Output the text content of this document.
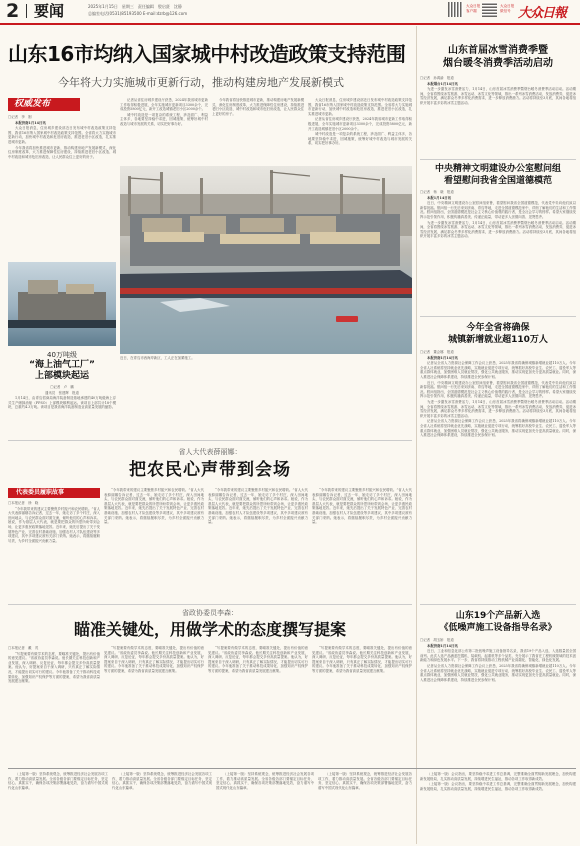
2 要闻	2025年1月15日　星期三　责任编辑　殷启贤　沈静
总编室电话(0531)85193500 E-mail:dzrb@126.com
大众日报
客户端
大众日报
微信号 大众日報
山东16市均纳入国家城中村改造政策支持范围
今年将大力实施城市更新行动，推动构建房地产发展新模式
权威发布

□记者　李　刚

本报济南1月14日讯

大众日报消息，住房城乡建设部近日发布城中村改造政策支持范围，我省16市纳入国家城中村改造政策支持范围。全省将大力实施城市更新行动，加快城中村改造和危旧房改造，推进老旧小区改造，扎实推进城市更新。

今年我省将加快推进城市更新，推动构建房地产发展新模式，深化住房制度改革，大力推进保障性住房建设，持续推进老旧小区改造、城中村改造和城市危旧房改造，让人民群众住上更好的房子。

记者从省住房城乡建设厅获悉，2024年我省城市更新工作取得积极进展，全年实施城市更新项目3300余个，完成投资5800亿元，新开工改造城镇老旧小区2000余个。

城中村改造是一项复杂的系统工程，涉及面广、利益主体多，各地要坚持稳中求进，因城施策，统筹好城中村改造与城市发展的关系，切实把好事办好。

今年我省将加快推进城市更新，推动构建房地产发展新模式，深化住房制度改革，大力推进保障性住房建设，持续推进老旧小区改造、城中村改造和城市危旧房改造，让人民群众住上更好的房子。

大众日报消息，住房城乡建设部近日发布城中村改造政策支持范围，我省16市纳入国家城中村改造政策支持范围。全省将大力实施城市更新行动，加快城中村改造和危旧房改造，推进老旧小区改造，扎实推进城市更新。

记者从省住房城乡建设厅获悉，2024年我省城市更新工作取得积极进展，全年实施城市更新项目3300余个，完成投资5800亿元，新开工改造城镇老旧小区2000余个。

城中村改造是一项复杂的系统工程，涉及面广、利益主体多，各地要坚持稳中求进，因城施策，统筹好城中村改造与城市发展的关系，切实把好事办好。

近日，在青岛市西海岸新区，工人正在加紧施工。
40万吨级
“海上油气工厂”
上部模块起运

□记者　卢　鹏

通讯员　张建辉　报道

1月14日，由青岛招商局海洋装备制造基地承建的40万吨级海上浮式生产储卸油船（FPSO）上部模块顺利起运。该项目上部共计18个模块，总重约4.3万吨。该项目是我省海洋装备制造业高质量发展的缩影。

山东首届冰雪消费季暨
烟台暖冬消费季活动启动

□记者　孙鸿渝　报道

本报烟台1月14日讯

为进一步激发冰雪消费活力，1月14日，山东首届冰雪消费季暨烟台暖冬消费季活动启动。活动期间，全省将围绕冰雪旅游、冰雪运动、冰雪文化等领域，推出一系列冰雪消费活动，发放消费券，促进冰雪经济发展，满足群众冬季多样化消费需求，进一步释放消费潜力。活动将持续至3月底，其间各地将组织开展丰富多彩的冰雪主题活动。

中央精神文明建设办公室慰问组
看望慰问我省全国道德模范

□记者　杨　晓　报道

本报1月14日讯

近日，中央精神文明建设办公室慰问组来鲁，看望慰问我省全国道德模范，代表党中央向他们致以新春祝福。慰问组一行先后来到济南、青岛等地，走进全国道德模范家中，详细了解他们的生活和工作情况。慰问组指出，全国道德模范是社会主义核心价值观的践行者，是全社会学习的榜样。希望大家继续发挥示范引领作用，积极传播真善美、传递正能量，带动更多人崇德向善、见贤思齐。

为进一步激发冰雪消费活力，1月14日，山东首届冰雪消费季暨烟台暖冬消费季活动启动。活动期间，全省将围绕冰雪旅游、冰雪运动、冰雪文化等领域，推出一系列冰雪消费活动，发放消费券，促进冰雪经济发展，满足群众冬季多样化消费需求，进一步释放消费潜力。活动将持续至3月底，其间各地将组织开展丰富多彩的冰雪主题活动。

今年全省将确保
城镇新增就业超110万人

□记者　董会娜　报道

本报济南1月14日讯

记者从全省人力资源社会保障工作会议上获悉，2025年我省将确保城镇新增就业超110万人。今年全省人社系统将坚持就业优先战略，实施就业促进专项行动，统筹抓好高校毕业生、农民工、退役军人等重点群体就业，加强困难人员就业帮扶，强化公共就业服务，推动实现更加充分更高质量就业。同时，深入推进社会保障体系建设，持续推进全民参保计划。

近日，中央精神文明建设办公室慰问组来鲁，看望慰问我省全国道德模范，代表党中央向他们致以新春祝福。慰问组一行先后来到济南、青岛等地，走进全国道德模范家中，详细了解他们的生活和工作情况。慰问组指出，全国道德模范是社会主义核心价值观的践行者，是全社会学习的榜样。希望大家继续发挥示范引领作用，积极传播真善美、传递正能量，带动更多人崇德向善、见贤思齐。

为进一步激发冰雪消费活力，1月14日，山东首届冰雪消费季暨烟台暖冬消费季活动启动。活动期间，全省将围绕冰雪旅游、冰雪运动、冰雪文化等领域，推出一系列冰雪消费活动，发放消费券，促进冰雪经济发展，满足群众冬季多样化消费需求，进一步释放消费潜力。活动将持续至3月底，其间各地将组织开展丰富多彩的冰雪主题活动。

记者从全省人力资源社会保障工作会议上获悉，2025年我省将确保城镇新增就业超110万人。今年全省人社系统将坚持就业优先战略，实施就业促进专项行动，统筹抓好高校毕业生、农民工、退役军人等重点群体就业，加强困难人员就业帮扶，强化公共就业服务，推动实现更加充分更高质量就业。同时，深入推进社会保障体系建设，持续推进全民参保计划。

山东19个产品新入选
《低噪声施工设备指导名录》

□记者　胡玉娇　报道

本报济南1月14日讯

近日，工业和信息化部公布第二批低噪声施工设备指导名录，我省19个产品入选，入选数量居全国前列。此次入选产品涵盖挖掘机、装载机、起重机等多个品类，充分展示了我省在工程机械领域的技术创新能力和绿色发展水平。下一步，我省将持续推动工程机械产业高端化、智能化、绿色化发展。

记者从全省人力资源社会保障工作会议上获悉，2025年我省将确保城镇新增就业超110万人。今年全省人社系统将坚持就业优先战略，实施就业促进专项行动，统筹抓好高校毕业生、农民工、退役军人等重点群体就业，加强困难人员就业帮扶，强化公共就业服务，推动实现更加充分更高质量就业。同时，深入推进社会保障体系建设，持续推进全民参保计划。

省人大代表薛丽娜：
把农民心声带到会场
代表委员履职故事

□本报记者　徐　晓

“今年我带来的建议主要聚焦乡村振兴和农民增收。”省人大代表薛丽娜告诉记者，过去一年，她走访了多个村庄，深入田间地头，与农民群众面对面交流，倾听他们的心声和诉求。她说，作为基层人大代表，就是要把群众的所思所盼带到会场，让更多惠民政策落地见效。近年来，她先后提出了关于发展特色产业、完善农村基础设施、加强农村人才队伍建设等多项建议，其中多项建议被有关部门采纳。她表示，将继续履职尽责，为乡村全面振兴贡献力量。

“今年我带来的建议主要聚焦乡村振兴和农民增收。”省人大代表薛丽娜告诉记者，过去一年，她走访了多个村庄，深入田间地头，与农民群众面对面交流，倾听他们的心声和诉求。她说，作为基层人大代表，就是要把群众的所思所盼带到会场，让更多惠民政策落地见效。近年来，她先后提出了关于发展特色产业、完善农村基础设施、加强农村人才队伍建设等多项建议，其中多项建议被有关部门采纳。她表示，将继续履职尽责，为乡村全面振兴贡献力量。

“今年我带来的建议主要聚焦乡村振兴和农民增收。”省人大代表薛丽娜告诉记者，过去一年，她走访了多个村庄，深入田间地头，与农民群众面对面交流，倾听他们的心声和诉求。她说，作为基层人大代表，就是要把群众的所思所盼带到会场，让更多惠民政策落地见效。近年来，她先后提出了关于发展特色产业、完善农村基础设施、加强农村人才队伍建设等多项建议，其中多项建议被有关部门采纳。她表示，将继续履职尽责，为乡村全面振兴贡献力量。

“今年我带来的建议主要聚焦乡村振兴和农民增收。”省人大代表薛丽娜告诉记者，过去一年，她走访了多个村庄，深入田间地头，与农民群众面对面交流，倾听他们的心声和诉求。她说，作为基层人大代表，就是要把群众的所思所盼带到会场，让更多惠民政策落地见效。近年来，她先后提出了关于发展特色产业、完善农村基础设施、加强农村人才队伍建设等多项建议，其中多项建议被有关部门采纳。她表示，将继续履职尽责，为乡村全面振兴贡献力量。

省政协委员李森：
瞄准关键处，用做学术的态度撰写提案

□本报记者　戴　茂

“写提案要有做学术的态度，要瞄准关键处，提出有价值的意见建议。”省政协委员李森说。他长期关注科技创新和产业发展，深入调研、反复论证，每年都会提交多份高质量提案。他认为，好提案来自于深入调研，只有真正了解实际情况，才能提出切实可行的建议。今年他准备了关于推动科技成果转化、加强知识产权保护等方面的提案，希望为我省高质量发展建言献策。

“写提案要有做学术的态度，要瞄准关键处，提出有价值的意见建议。”省政协委员李森说。他长期关注科技创新和产业发展，深入调研、反复论证，每年都会提交多份高质量提案。他认为，好提案来自于深入调研，只有真正了解实际情况，才能提出切实可行的建议。今年他准备了关于推动科技成果转化、加强知识产权保护等方面的提案，希望为我省高质量发展建言献策。

“写提案要有做学术的态度，要瞄准关键处，提出有价值的意见建议。”省政协委员李森说。他长期关注科技创新和产业发展，深入调研、反复论证，每年都会提交多份高质量提案。他认为，好提案来自于深入调研，只有真正了解实际情况，才能提出切实可行的建议。今年他准备了关于推动科技成果转化、加强知识产权保护等方面的提案，希望为我省高质量发展建言献策。

“写提案要有做学术的态度，要瞄准关键处，提出有价值的意见建议。”省政协委员李森说。他长期关注科技创新和产业发展，深入调研、反复论证，每年都会提交多份高质量提案。他认为，好提案来自于深入调研，只有真正了解实际情况，才能提出切实可行的建议。今年他准备了关于推动科技成果转化、加强知识产权保护等方面的提案，希望为我省高质量发展建言献策。

（上接第一版）坚持系统观念，统筹推进经济社会发展各项工作，着力推动高质量发展。全省各级各部门要锚定目标任务，坚定信心、真抓实干，确保各项决策部署落地见效，奋力谱写中国式现代化山东篇章。

（上接第一版）坚持系统观念，统筹推进经济社会发展各项工作，着力推动高质量发展。全省各级各部门要锚定目标任务，坚定信心、真抓实干，确保各项决策部署落地见效，奋力谱写中国式现代化山东篇章。

（上接第一版）坚持系统观念，统筹推进经济社会发展各项工作，着力推动高质量发展。全省各级各部门要锚定目标任务，坚定信心、真抓实干，确保各项决策部署落地见效，奋力谱写中国式现代化山东篇章。

（上接第一版）坚持系统观念，统筹推进经济社会发展各项工作，着力推动高质量发展。全省各级各部门要锚定目标任务，坚定信心、真抓实干，确保各项决策部署落地见效，奋力谱写中国式现代化山东篇章。

（上接第一版）会议指出，要坚持稳中求进工作总基调，完整准确全面贯彻新发展理念，加快构建新发展格局，扎实推动高质量发展，持续增进民生福祉，推动各项工作取得新成效。

（上接第一版）会议指出，要坚持稳中求进工作总基调，完整准确全面贯彻新发展理念，加快构建新发展格局，扎实推动高质量发展，持续增进民生福祉，推动各项工作取得新成效。
